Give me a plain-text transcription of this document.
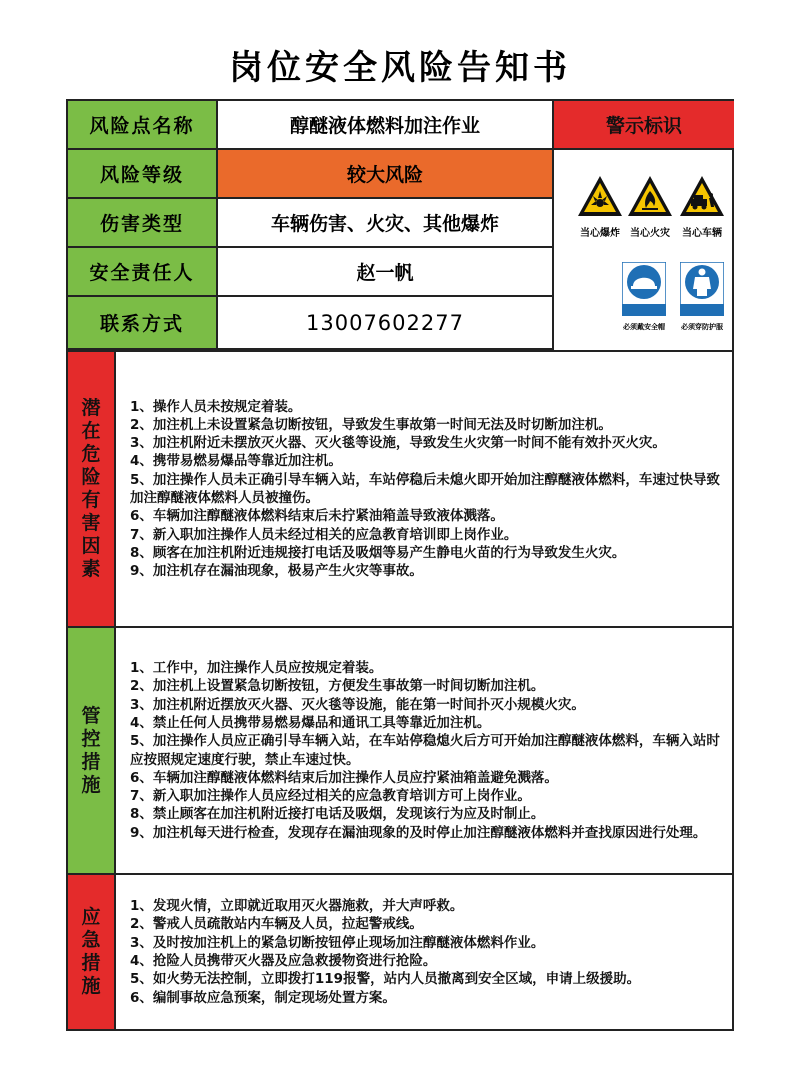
岗位安全风险告知书
风险点名称	醇醚液体燃料加注作业
风险等级	较大风险
伤害类型	车辆伤害、火灾、其他爆炸
安全责任人	赵一帆
联系方式	13007602277
警示标识
当心爆炸	当心火灾	当心车辆
必须戴安全帽	必须穿防护服
潜在危险有害因素
1、操作人员未按规定着装。
2、加注机上未设置紧急切断按钮，导致发生事故第一时间无法及时切断加注机。
3、加注机附近未摆放灭火器、灭火毯等设施，导致发生火灾第一时间不能有效扑灭火灾。
4、携带易燃易爆品等靠近加注机。
5、加注操作人员未正确引导车辆入站，车站停稳后未熄火即开始加注醇醚液体燃料，车速过快导致加注醇醚液体燃料人员被撞伤。
6、车辆加注醇醚液体燃料结束后未拧紧油箱盖导致液体溅落。
7、新入职加注操作人员未经过相关的应急教育培训即上岗作业。
8、顾客在加注机附近违规接打电话及吸烟等易产生静电火苗的行为导致发生火灾。
9、加注机存在漏油现象，极易产生火灾等事故。
管控措施
1、工作中，加注操作人员应按规定着装。
2、加注机上设置紧急切断按钮，方便发生事故第一时间切断加注机。
3、加注机附近摆放灭火器、灭火毯等设施，能在第一时间扑灭小规模火灾。
4、禁止任何人员携带易燃易爆品和通讯工具等靠近加注机。
5、加注操作人员应正确引导车辆入站，在车站停稳熄火后方可开始加注醇醚液体燃料，车辆入站时应按照规定速度行驶，禁止车速过快。
6、车辆加注醇醚液体燃料结束后加注操作人员应拧紧油箱盖避免溅落。
7、新入职加注操作人员应经过相关的应急教育培训方可上岗作业。
8、禁止顾客在加注机附近接打电话及吸烟，发现该行为应及时制止。
9、加注机每天进行检查，发现存在漏油现象的及时停止加注醇醚液体燃料并查找原因进行处理。
应急措施
1、发现火情，立即就近取用灭火器施救，并大声呼救。
2、警戒人员疏散站内车辆及人员，拉起警戒线。
3、及时按加注机上的紧急切断按钮停止现场加注醇醚液体燃料作业。
4、抢险人员携带灭火器及应急救援物资进行抢险。
5、如火势无法控制，立即拨打119报警，站内人员撤离到安全区域，申请上级援助。
6、编制事故应急预案，制定现场处置方案。
